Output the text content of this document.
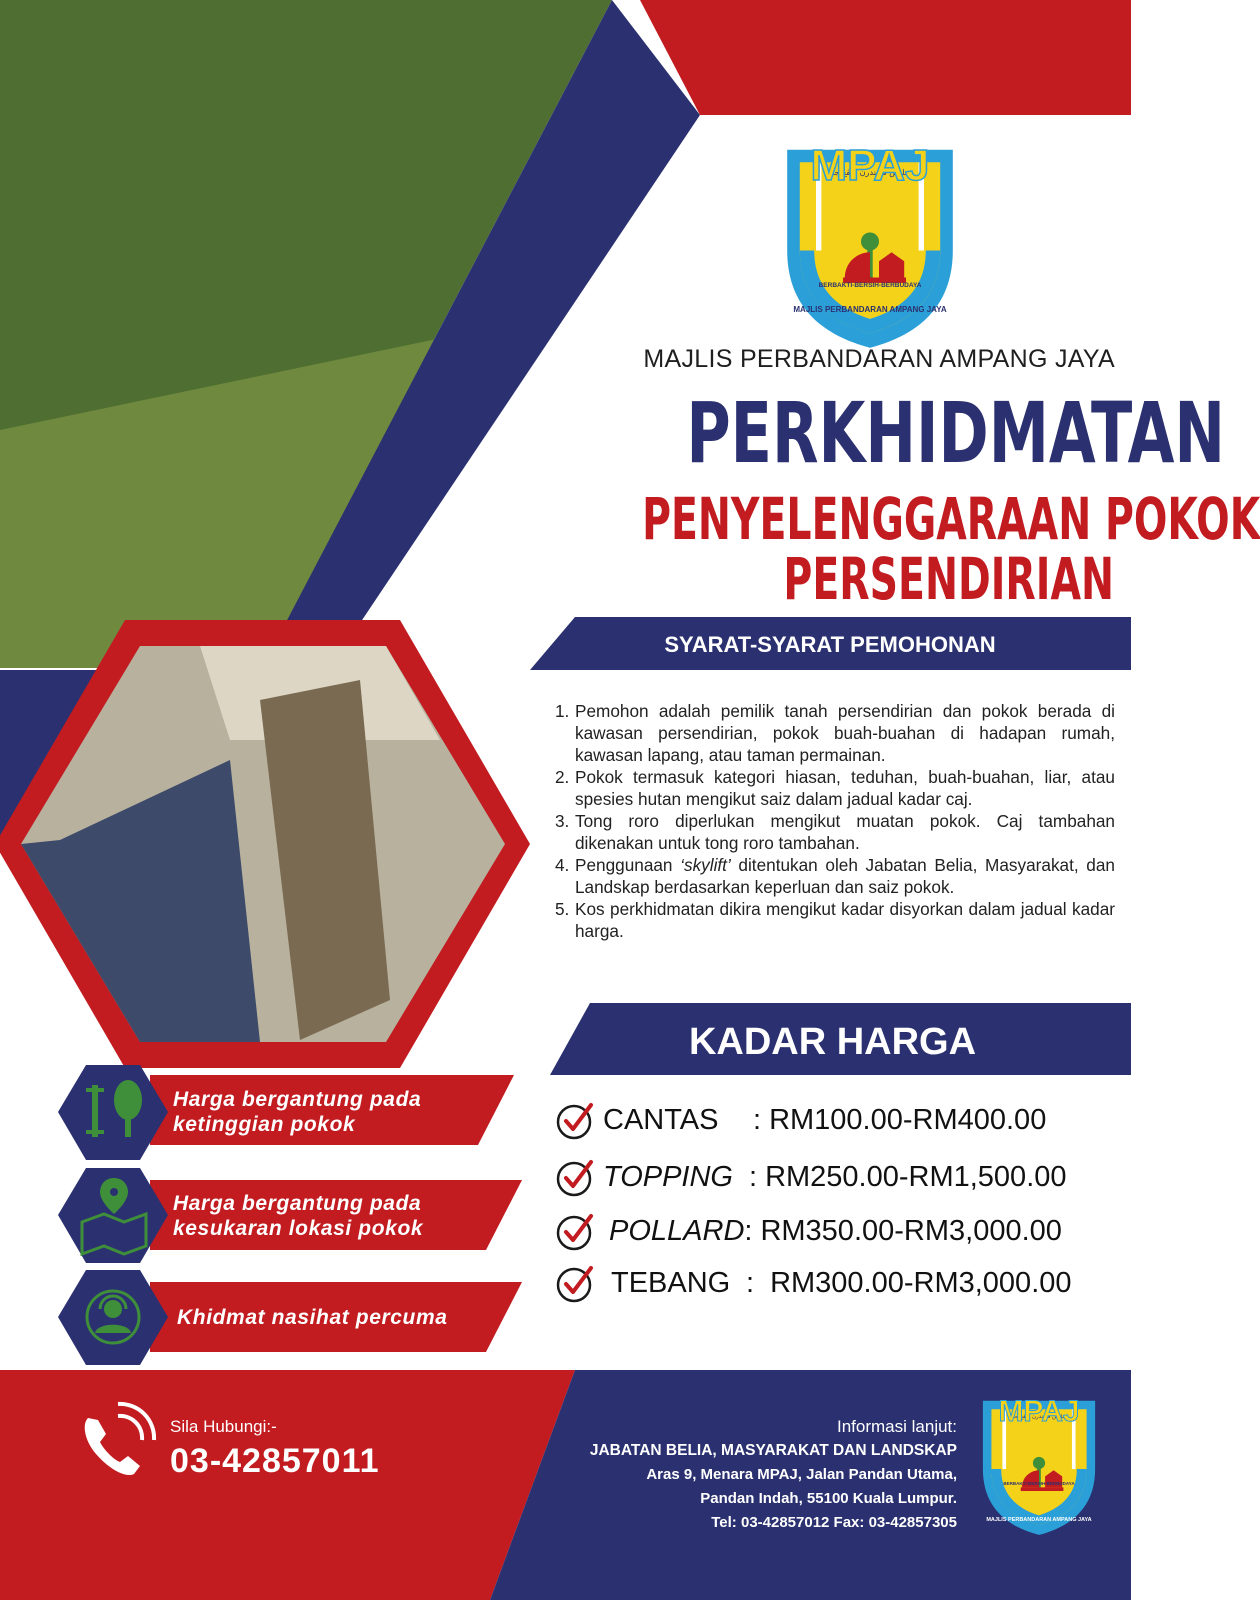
MPAJ
BERBAKTI-BERSIH-BERBUDAYA
MAJLIS PERBANDARAN AMPANG JAYA
MAJLIS PERBANDARAN AMPANG JAYA
PERKHIDMATAN
PENYELENGGARAAN POKOK
PERSENDIRIAN
SYARAT-SYARAT PEMOHONAN
1. Pemohon adalah pemilik tanah persendirian dan pokok berada di kawasan persendirian, pokok buah-buahan di hadapan rumah, kawasan lapang, atau taman permainan.
2. Pokok termasuk kategori hiasan, teduhan, buah-buahan, liar, atau spesies hutan mengikut saiz dalam jadual kadar caj.
3. Tong roro diperlukan mengikut muatan pokok. Caj tambahan dikenakan untuk tong roro tambahan.
4. Penggunaan ‘skylift’ ditentukan oleh Jabatan Belia, Masyarakat, dan Landskap berdasarkan keperluan dan saiz pokok.
5. Kos perkhidmatan dikira mengikut kadar disyorkan dalam jadual kadar harga.
KADAR HARGA
CANTAS	: RM100.00-RM400.00
TOPPING : RM250.00-RM1,500.00
POLLARD : RM350.00-RM3,000.00
TEBANG : RM300.00-RM3,000.00
Harga bergantung pada
ketinggian pokok
Harga bergantung pada
kesukaran lokasi pokok
Khidmat nasihat percuma
Sila Hubungi:-
03-42857011
Informasi lanjut:
JABATAN BELIA, MASYARAKAT DAN LANDSKAP
Aras 9, Menara MPAJ, Jalan Pandan Utama,
Pandan Indah, 55100 Kuala Lumpur.
Tel: 03-42857012 Fax: 03-42857305
MPAJ
MAJLIS PERBANDARAN AMPANG JAYA
BERBAKTI-BERSIH-BERBUDAYA
